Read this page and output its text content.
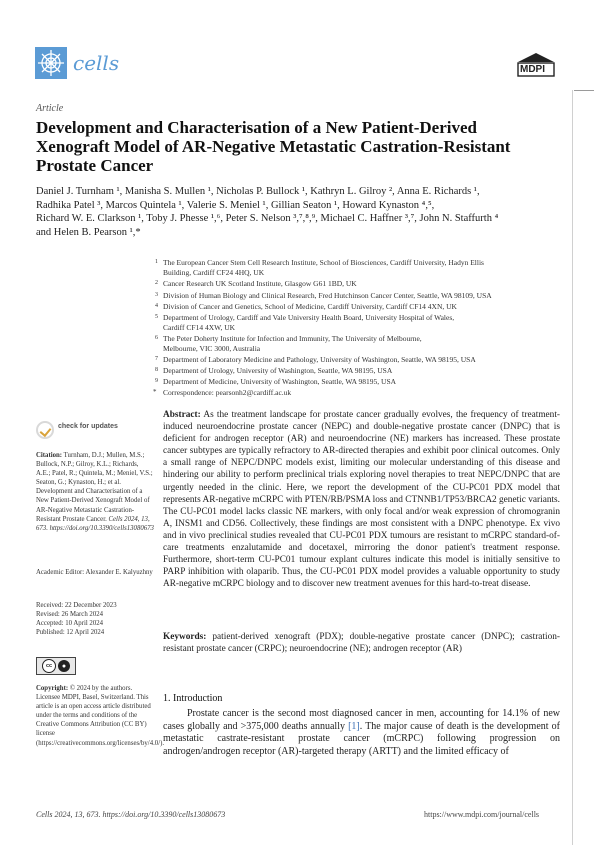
cells	MDPI
Article
Development and Characterisation of a New Patient-Derived
Xenograft Model of AR-Negative Metastatic Castration-Resistant
Prostate Cancer
Daniel J. Turnham ¹, Manisha S. Mullen ¹, Nicholas P. Bullock ¹, Kathryn L. Gilroy ², Anna E. Richards ¹,
Radhika Patel ³, Marcos Quintela ¹, Valerie S. Meniel ¹, Gillian Seaton ¹, Howard Kynaston ⁴,⁵,
Richard W. E. Clarkson ¹, Toby J. Phesse ¹,⁶, Peter S. Nelson ³,⁷,⁸,⁹, Michael C. Haffner ³,⁷, John N. Staffurth ⁴
and Helen B. Pearson ¹,*
1 The European Cancer Stem Cell Research Institute, School of Biosciences, Cardiff University, Hadyn Ellis
Building, Cardiff CF24 4HQ, UK
2 Cancer Research UK Scotland Institute, Glasgow G61 1BD, UK
3 Division of Human Biology and Clinical Research, Fred Hutchinson Cancer Center, Seattle, WA 98109, USA
4 Division of Cancer and Genetics, School of Medicine, Cardiff University, Cardiff CF14 4XN, UK
5 Department of Urology, Cardiff and Vale University Health Board, University Hospital of Wales,
Cardiff CF14 4XW, UK
6 The Peter Doherty Institute for Infection and Immunity, The University of Melbourne,
Melbourne, VIC 3000, Australia
7 Department of Laboratory Medicine and Pathology, University of Washington, Seattle, WA 98195, USA
8 Department of Urology, University of Washington, Seattle, WA 98195, USA
9 Department of Medicine, University of Washington, Seattle, WA 98195, USA
* Correspondence: pearsonh2@cardiff.ac.uk
check for updates
Citation: Turnham, D.J.; Mullen, M.S.; Bullock, N.P.; Gilroy, K.L.; Richards, A.E.; Patel, R.; Quintela, M.; Meniel, V.S.; Seaton, G.; Kynaston, H.; et al. Development and Characterisation of a New Patient-Derived Xenograft Model of AR-Negative Metastatic Castration-Resistant Prostate Cancer. Cells 2024, 13, 673. https://doi.org/10.3390/cells13080673
Academic Editor: Alexander E. Kalyuzhny
Received: 22 December 2023
Revised: 26 March 2024
Accepted: 10 April 2024
Published: 12 April 2024
cc	●
Copyright: © 2024 by the authors. Licensee MDPI, Basel, Switzerland. This article is an open access article distributed under the terms and conditions of the Creative Commons Attribution (CC BY) license (https://creativecommons.org/licenses/by/4.0/).
Abstract: As the treatment landscape for prostate cancer gradually evolves, the frequency of treatment-induced neuroendocrine prostate cancer (NEPC) and double-negative prostate cancer (DNPC) that is deficient for androgen receptor (AR) and neuroendocrine (NE) markers has increased. These prostate cancer subtypes are typically refractory to AR-directed therapies and exhibit poor clinical outcomes. Only a small range of NEPC/DNPC models exist, limiting our molecular understanding of this disease and hindering our ability to perform preclinical trials exploring novel therapies to treat NEPC/DNPC that are urgently needed in the clinic. Here, we report the development of the CU-PC01 PDX model that represents AR-negative mCRPC with PTEN/RB/PSMA loss and CTNNB1/TP53/BRCA2 genetic variants. The CU-PC01 model lacks classic NE markers, with only focal and/or weak expression of chromogranin A, INSM1 and CD56. Collectively, these findings are most consistent with a DNPC phenotype. Ex vivo and in vivo preclinical studies revealed that CU-PC01 PDX tumours are resistant to mCRPC standard-of-care treatments enzalutamide and docetaxel, mirroring the donor patient's treatment response. Furthermore, short-term CU-PC01 tumour explant cultures indicate this model is initially sensitive to PARP inhibition with olaparib. Thus, the CU-PC01 PDX model provides a valuable opportunity to study AR-negative mCRPC biology and to discover new treatment avenues for this hard-to-treat disease.
Keywords: patient-derived xenograft (PDX); double-negative prostate cancer (DNPC); castration-resistant prostate cancer (CRPC); neuroendocrine (NE); androgen receptor (AR)
1. Introduction
Prostate cancer is the second most diagnosed cancer in men, accounting for 14.1% of new cases globally and >375,000 deaths annually [1]. The major cause of death is the development of metastatic castrate-resistant prostate cancer (mCRPC) following progression on androgen/androgen receptor (AR)-targeted therapy (ARTT) and the limited efficacy of
Cells 2024, 13, 673. https://doi.org/10.3390/cells13080673	https://www.mdpi.com/journal/cells
